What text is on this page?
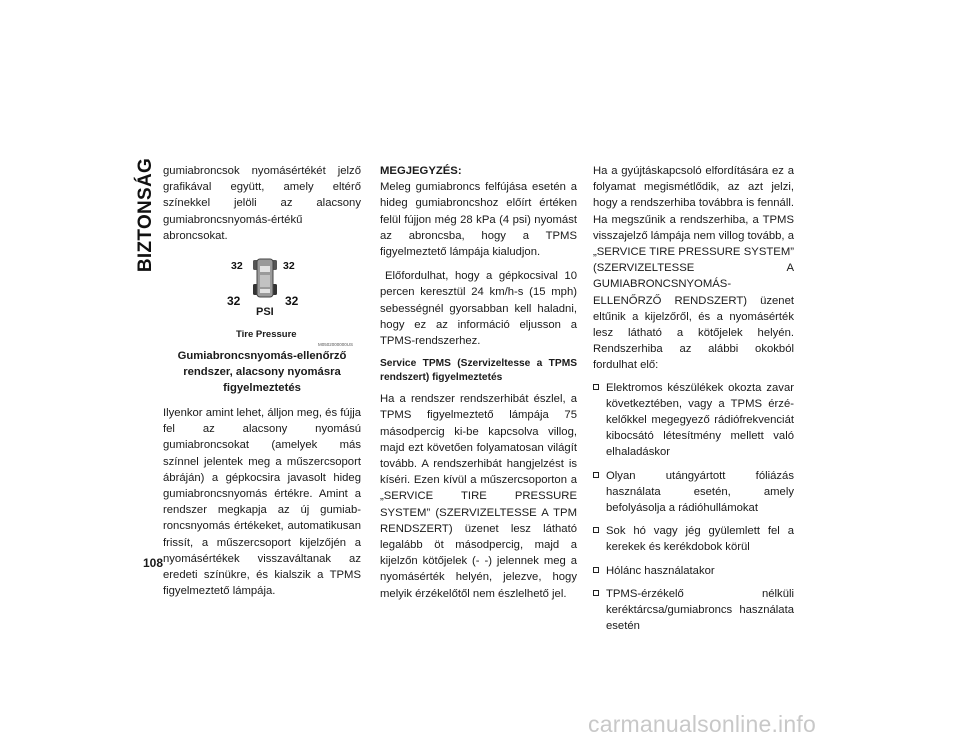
BIZTONSÁG gumiabroncsok nyomásértékét jelző grafikával együtt, amely eltérő színekkel jelöli az alacsony gumiabroncsnyomás-értékű abroncsokat.

32	32
32	32
PSI
Tire Pressure
M0502000000US

Gumiabroncsnyomás-ellenőrző rendszer, alacsony nyomásra figyelmeztetés

Ilyenkor amint lehet, álljon meg, és fújja fel az alacsony nyomású gumiabroncsokat (amelyek más színnel jelentek meg a műszercsoport ábráján) a gépkocsira javasolt hideg gumiabroncsnyomás értékre. Amint a rendszer megkapja az új gumiabroncsnyomás értékeket, automatikusan frissít, a műszercsoport kijelzőjén a nyomásértékek visszaváltanak az eredeti színükre, és kialszik a TPMS figyelmeztető lámpája.

MEGJEGYZÉS:

Meleg gumiabroncs felfújása esetén a hideg gumiabroncshoz előírt értéken felül fújjon még 28 kPa (4 psi) nyomást az abroncsba, hogy a TPMS figyelmeztető lámpája kialudjon.

Előfordulhat, hogy a gépkocsival 10 percen keresztül 24 km/h-s (15 mph) sebességnél gyorsabban kell haladni, hogy ez az információ eljusson a TPMS-rendszerhez.

Service TPMS (Szervizeltesse a TPMS rendszert) figyelmeztetés

Ha a rendszer rendszerhibát észlel, a TPMS figyelmeztető lámpája 75 másodpercig ki-be kapcsolva villog, majd ezt követően folyamatosan világít tovább. A rendszerhibát hangjelzést is kíséri. Ezen kívül a műszercsoporton a „SERVICE TIRE PRESSURE SYSTEM” (SZERVIZELTESSE A TPM RENDSZERT) üzenet lesz látható legalább öt másodpercig, majd a kijelzőn kötőjelek (- -) jelennek meg a nyomásérték helyén, jelezve, hogy melyik érzékelőtől nem észlelhető jel.

Ha a gyújtáskapcsoló elfordítására ez a folyamat megismétlődik, az azt jelzi, hogy a rendszerhiba továbbra is fennáll. Ha megszűnik a rendszerhiba, a TPMS visszajelző lámpája nem villog tovább, a „SERVICE TIRE PRESSURE SYSTEM” (SZERVIZELTESSE A GUMIABRONCSNYOMÁS-ELLENŐRZŐ RENDSZERT) üzenet eltűnik a kijelzőről, és a nyomásérték lesz látható a kötőjelek helyén. Rendszerhiba az alábbi okokból fordulhat elő:

Elektromos készülékek okozta zavar következtében, vagy a TPMS érzékelőkkel megegyező rádiófrekvenciát kibocsátó létesítmény mellett való elhaladáskor
Olyan utángyártott fóliázás használata esetén, amely befolyásolja a rádióhullámokat
Sok hó vagy jég gyülemlett fel a kerekek és kerékdobok körül
Hólánc használatakor
TPMS-érzékelő nélküli keréktárcsa/gumiabroncs használata esetén
108
carmanualsonline.info
